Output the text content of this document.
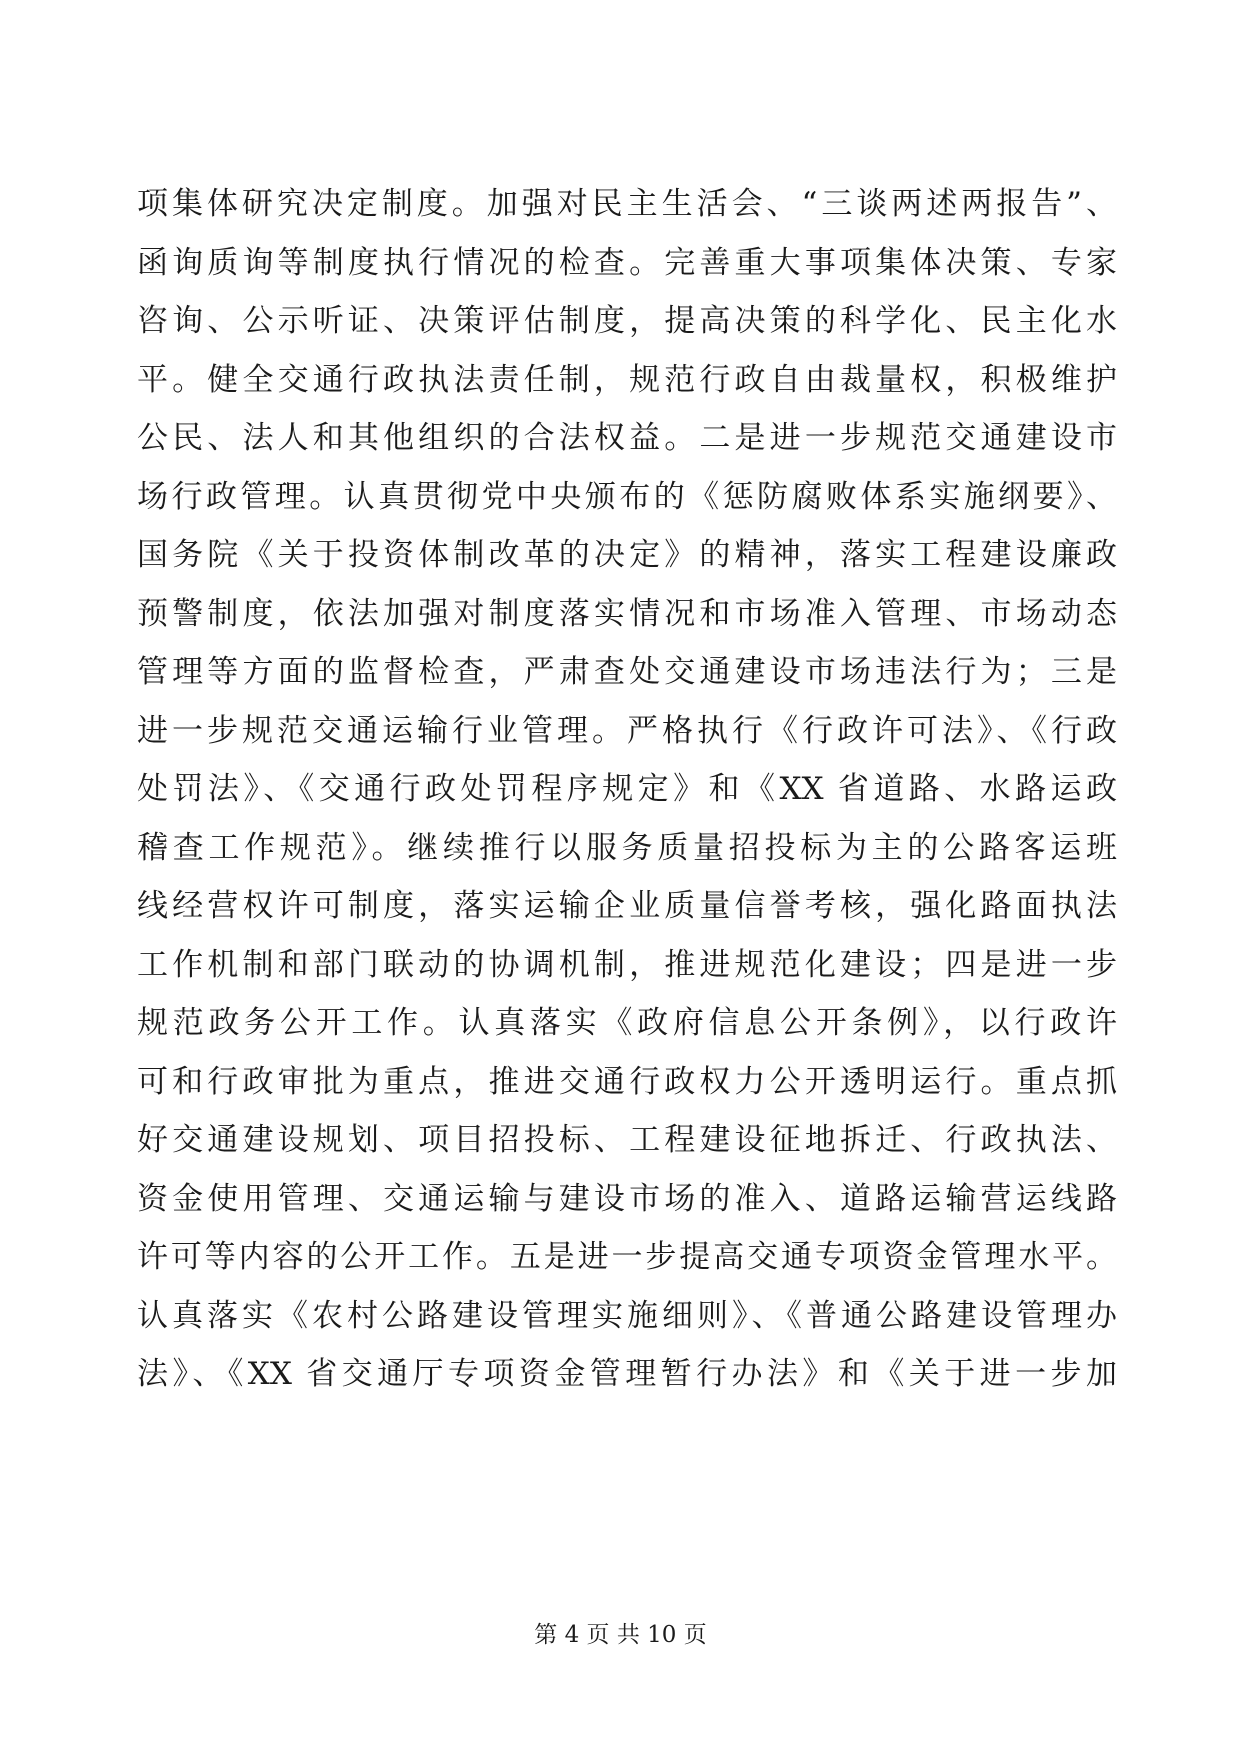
项集体研究决定制度。加强对民主生活会、“三谈两述两报告”、
函询质询等制度执行情况的检查。完善重大事项集体决策、专家
咨询、公示听证、决策评估制度，提高决策的科学化、民主化水
平。健全交通行政执法责任制，规范行政自由裁量权，积极维护
公民、法人和其他组织的合法权益。二是进一步规范交通建设市
场行政管理。认真贯彻党中央颁布的《惩防腐败体系实施纲要》、
国务院《关于投资体制改革的决定》的精神，落实工程建设廉政
预警制度，依法加强对制度落实情况和市场准入管理、市场动态
管理等方面的监督检查，严肃查处交通建设市场违法行为；三是
进一步规范交通运输行业管理。严格执行《行政许可法》、《行政
处罚法》、《交通行政处罚程序规定》和《XX 省道路、水路运政
稽查工作规范》。继续推行以服务质量招投标为主的公路客运班
线经营权许可制度，落实运输企业质量信誉考核，强化路面执法
工作机制和部门联动的协调机制，推进规范化建设；四是进一步
规范政务公开工作。认真落实《政府信息公开条例》，以行政许
可和行政审批为重点，推进交通行政权力公开透明运行。重点抓
好交通建设规划、项目招投标、工程建设征地拆迁、行政执法、
资金使用管理、交通运输与建设市场的准入、道路运输营运线路
许可等内容的公开工作。五是进一步提高交通专项资金管理水平。
认真落实《农村公路建设管理实施细则》、《普通公路建设管理办
法》、《XX 省交通厅专项资金管理暂行办法》和《关于进一步加
第 4 页 共 10 页
